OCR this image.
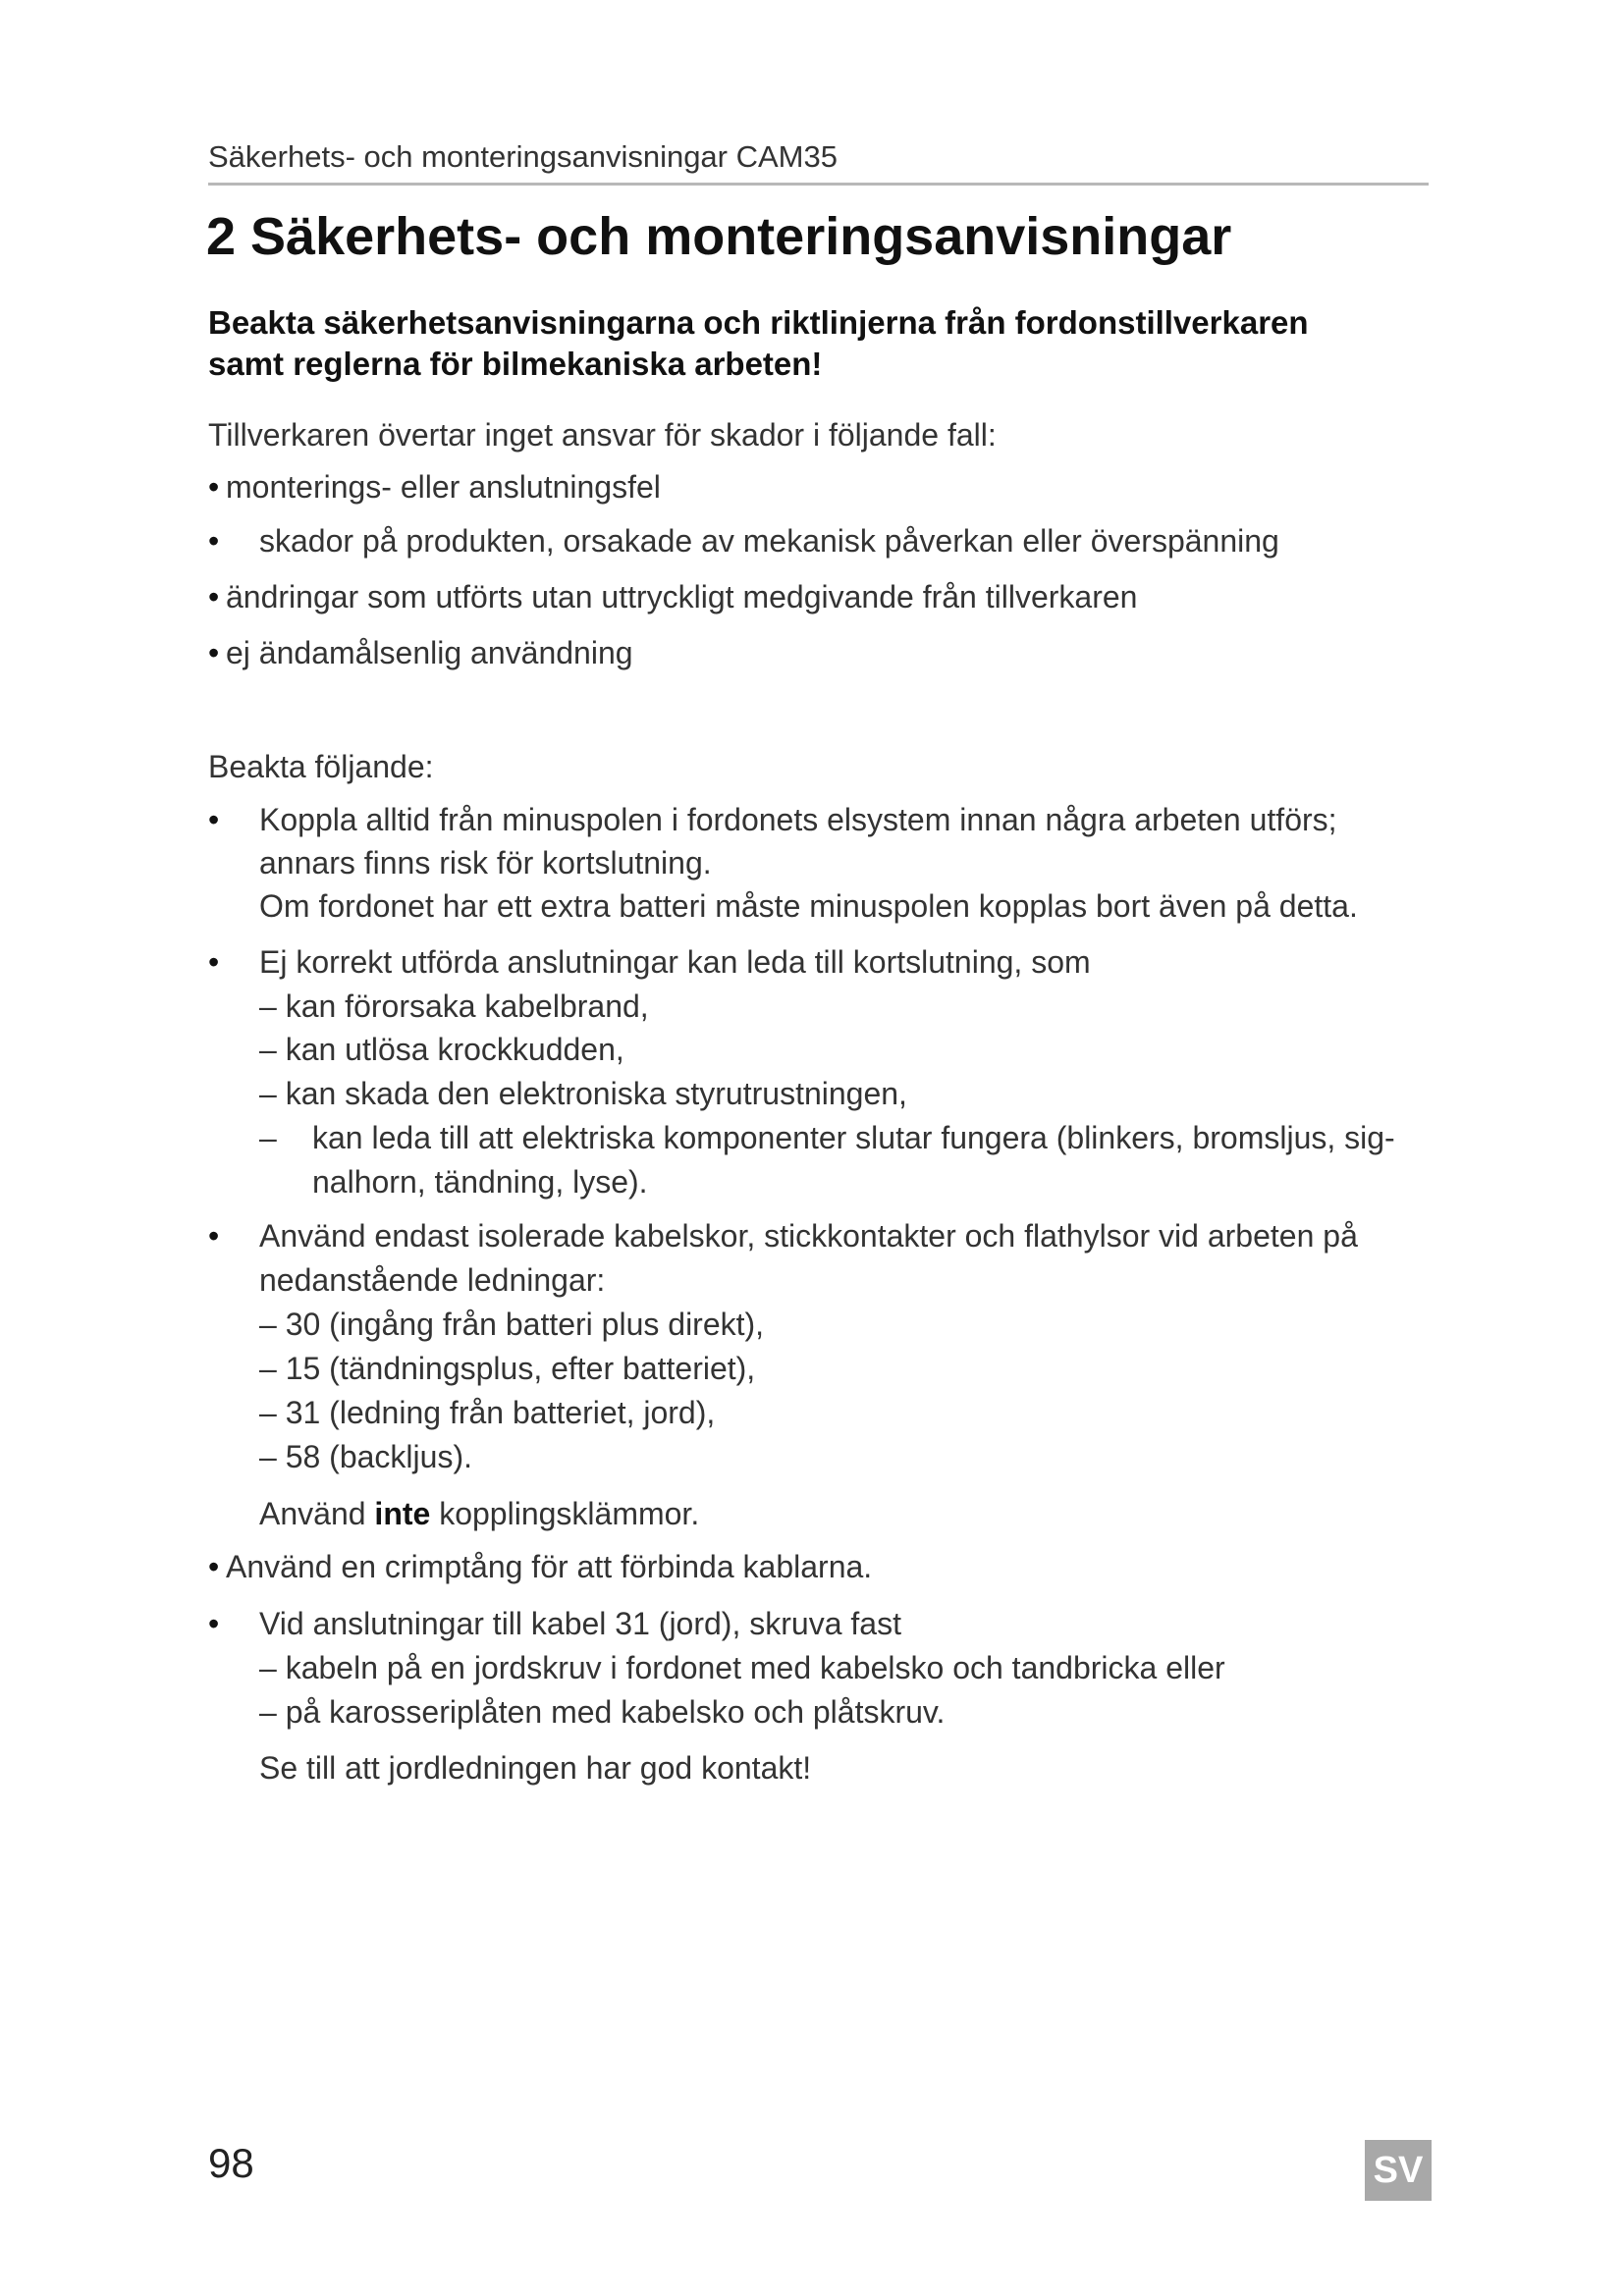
Säkerhets- och monteringsanvisningar CAM35
2 Säkerhets- och monteringsanvisningar
Beakta säkerhetsanvisningarna och riktlinjerna från fordonstillverkaren
samt reglerna för bilmekaniska arbeten!
Tillverkaren övertar inget ansvar för skador i följande fall:
• monterings- eller anslutningsfel
• skador på produkten, orsakade av mekanisk påverkan eller överspänning
• ändringar som utförts utan uttryckligt medgivande från tillverkaren
• ej ändamålsenlig användning
Beakta följande:
• Koppla alltid från minuspolen i fordonets elsystem innan några arbeten utförs;
annars finns risk för kortslutning.
Om fordonet har ett extra batteri måste minuspolen kopplas bort även på detta.
• Ej korrekt utförda anslutningar kan leda till kortslutning, som
– kan förorsaka kabelbrand,
– kan utlösa krockkudden,
– kan skada den elektroniska styrutrustningen,
– kan leda till att elektriska komponenter slutar fungera (blinkers, bromsljus, sig-
nalhorn, tändning, lyse).
• Använd endast isolerade kabelskor, stickkontakter och flathylsor vid arbeten på
nedanstående ledningar:
– 30 (ingång från batteri plus direkt),
– 15 (tändningsplus, efter batteriet),
– 31 (ledning från batteriet, jord),
– 58 (backljus).
Använd inte kopplingsklämmor.
• Använd en crimptång för att förbinda kablarna.
• Vid anslutningar till kabel 31 (jord), skruva fast
– kabeln på en jordskruv i fordonet med kabelsko och tandbricka eller
– på karosseriplåten med kabelsko och plåtskruv.
Se till att jordledningen har god kontakt!
98	SV
